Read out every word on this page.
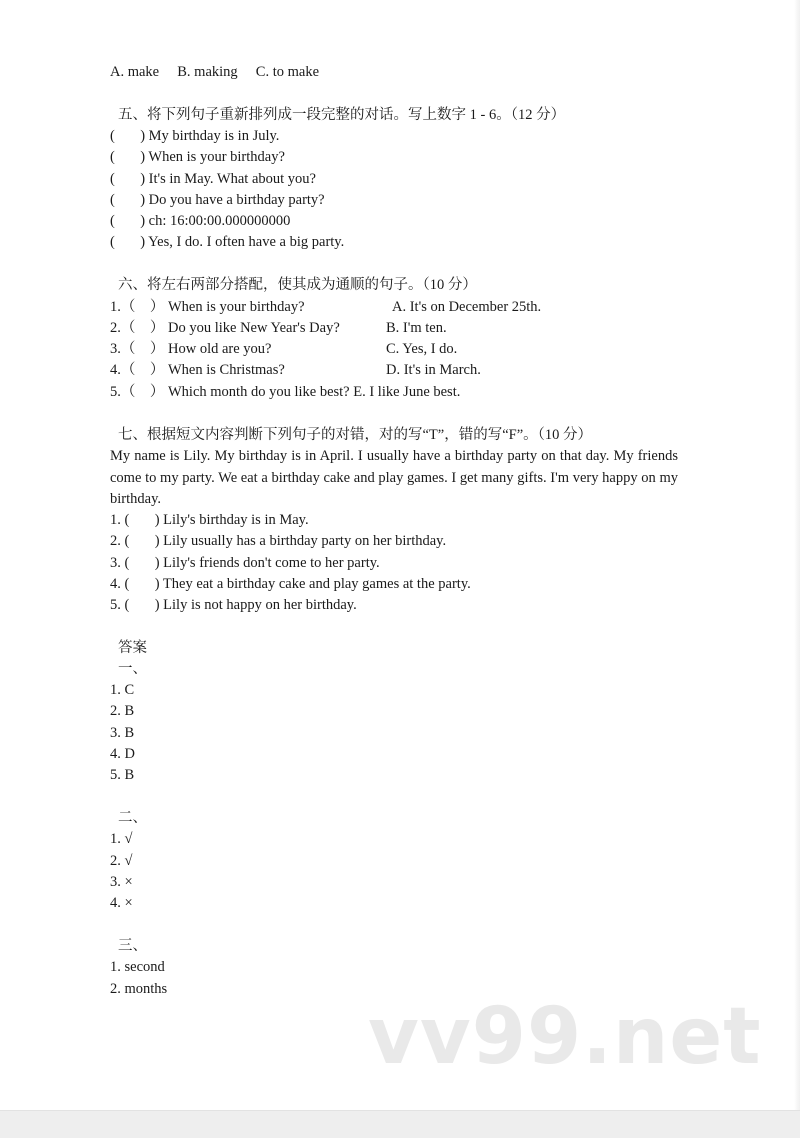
A. make     B. making     C. to make
五、将下列句子重新排列成一段完整的对话。写上数字 1 - 6。（12 分）
(       ) My birthday is in July.
(       ) When is your birthday?
(       ) It's in May. What about you?
(       ) Do you have a birthday party?
(       ) ch: 16:00:00.000000000
(       ) Yes, I do. I often have a big party.
六、将左右两部分搭配，使其成为通顺的句子。（10 分）
1.（    ） When is your birthday?	A. It's on December 25th.
2.（    ） Do you like New Year's Day?	B. I'm ten.
3.（    ） How old are you?	C. Yes, I do.
4.（    ） When is Christmas?	D. It's in March.
5.（    ） Which month do you like best? E. I like June best.
七、根据短文内容判断下列句子的对错，对的写“T”，错的写“F”。（10 分）
My name is Lily. My birthday is in April. I usually have a birthday party on that day. My friends come to my party. We eat a birthday cake and play games. I get many gifts. I'm very happy on my birthday.
1. (       ) Lily's birthday is in May.
2. (       ) Lily usually has a birthday party on her birthday.
3. (       ) Lily's friends don't come to her party.
4. (       ) They eat a birthday cake and play games at the party.
5. (       ) Lily is not happy on her birthday.
答案
一、
1. C
2. B
3. B
4. D
5. B
二、
1. √
2. √
3. ×
4. ×
三、
1. second
2. months
vv99.net
